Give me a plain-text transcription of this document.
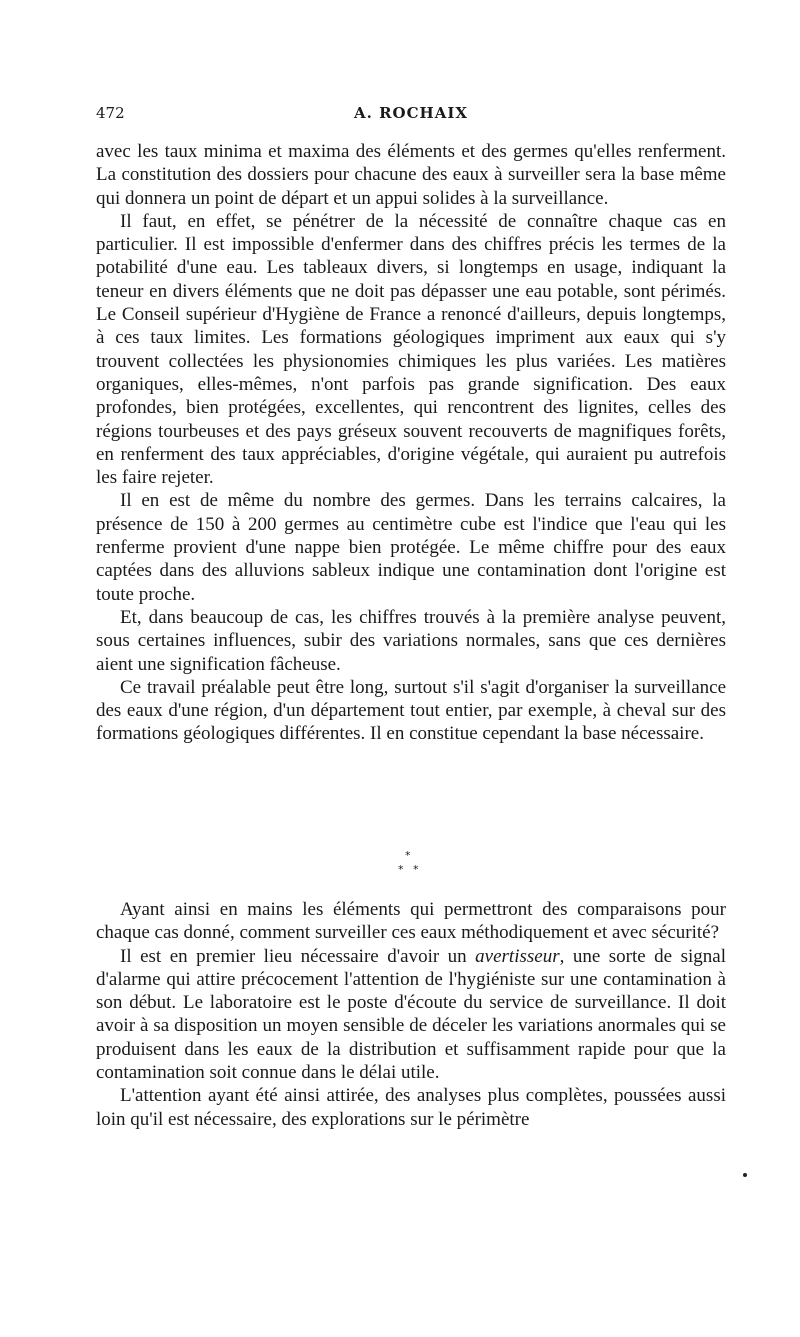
472	A. ROCHAIX

avec les taux minima et maxima des éléments et des germes qu'elles renferment. La constitution des dossiers pour chacune des eaux à surveiller sera la base même qui donnera un point de départ et un appui solides à la surveillance.

Il faut, en effet, se pénétrer de la nécessité de connaître chaque cas en particulier. Il est impossible d'enfermer dans des chiffres précis les termes de la potabilité d'une eau. Les tableaux divers, si longtemps en usage, indiquant la teneur en divers éléments que ne doit pas dépasser une eau potable, sont périmés. Le Conseil supérieur d'Hygiène de France a renoncé d'ailleurs, depuis longtemps, à ces taux limites. Les formations géologiques impriment aux eaux qui s'y trouvent collectées les physionomies chimiques les plus variées. Les matières organiques, elles-mêmes, n'ont parfois pas grande signification. Des eaux profondes, bien protégées, excellentes, qui rencontrent des lignites, celles des régions tourbeuses et des pays gréseux souvent recouverts de magnifiques forêts, en renferment des taux appréciables, d'origine végétale, qui auraient pu autrefois les faire rejeter.

Il en est de même du nombre des germes. Dans les terrains calcaires, la présence de 150 à 200 germes au centimètre cube est l'indice que l'eau qui les renferme provient d'une nappe bien protégée. Le même chiffre pour des eaux captées dans des alluvions sableux indique une contamination dont l'origine est toute proche.

Et, dans beaucoup de cas, les chiffres trouvés à la première analyse peuvent, sous certaines influences, subir des variations normales, sans que ces dernières aient une signification fâcheuse.

Ce travail préalable peut être long, surtout s'il s'agit d'organiser la surveillance des eaux d'une région, d'un département tout entier, par exemple, à cheval sur des formations géologiques différentes. Il en constitue cependant la base nécessaire.

*
* *

Ayant ainsi en mains les éléments qui permettront des comparaisons pour chaque cas donné, comment surveiller ces eaux méthodiquement et avec sécurité?

Il est en premier lieu nécessaire d'avoir un avertisseur, une sorte de signal d'alarme qui attire précocement l'attention de l'hygiéniste sur une contamination à son début. Le laboratoire est le poste d'écoute du service de surveillance. Il doit avoir à sa disposition un moyen sensible de déceler les variations anormales qui se produisent dans les eaux de la distribution et suffisamment rapide pour que la contamination soit connue dans le délai utile.

L'attention ayant été ainsi attirée, des analyses plus complètes, poussées aussi loin qu'il est nécessaire, des explorations sur le périmètre
